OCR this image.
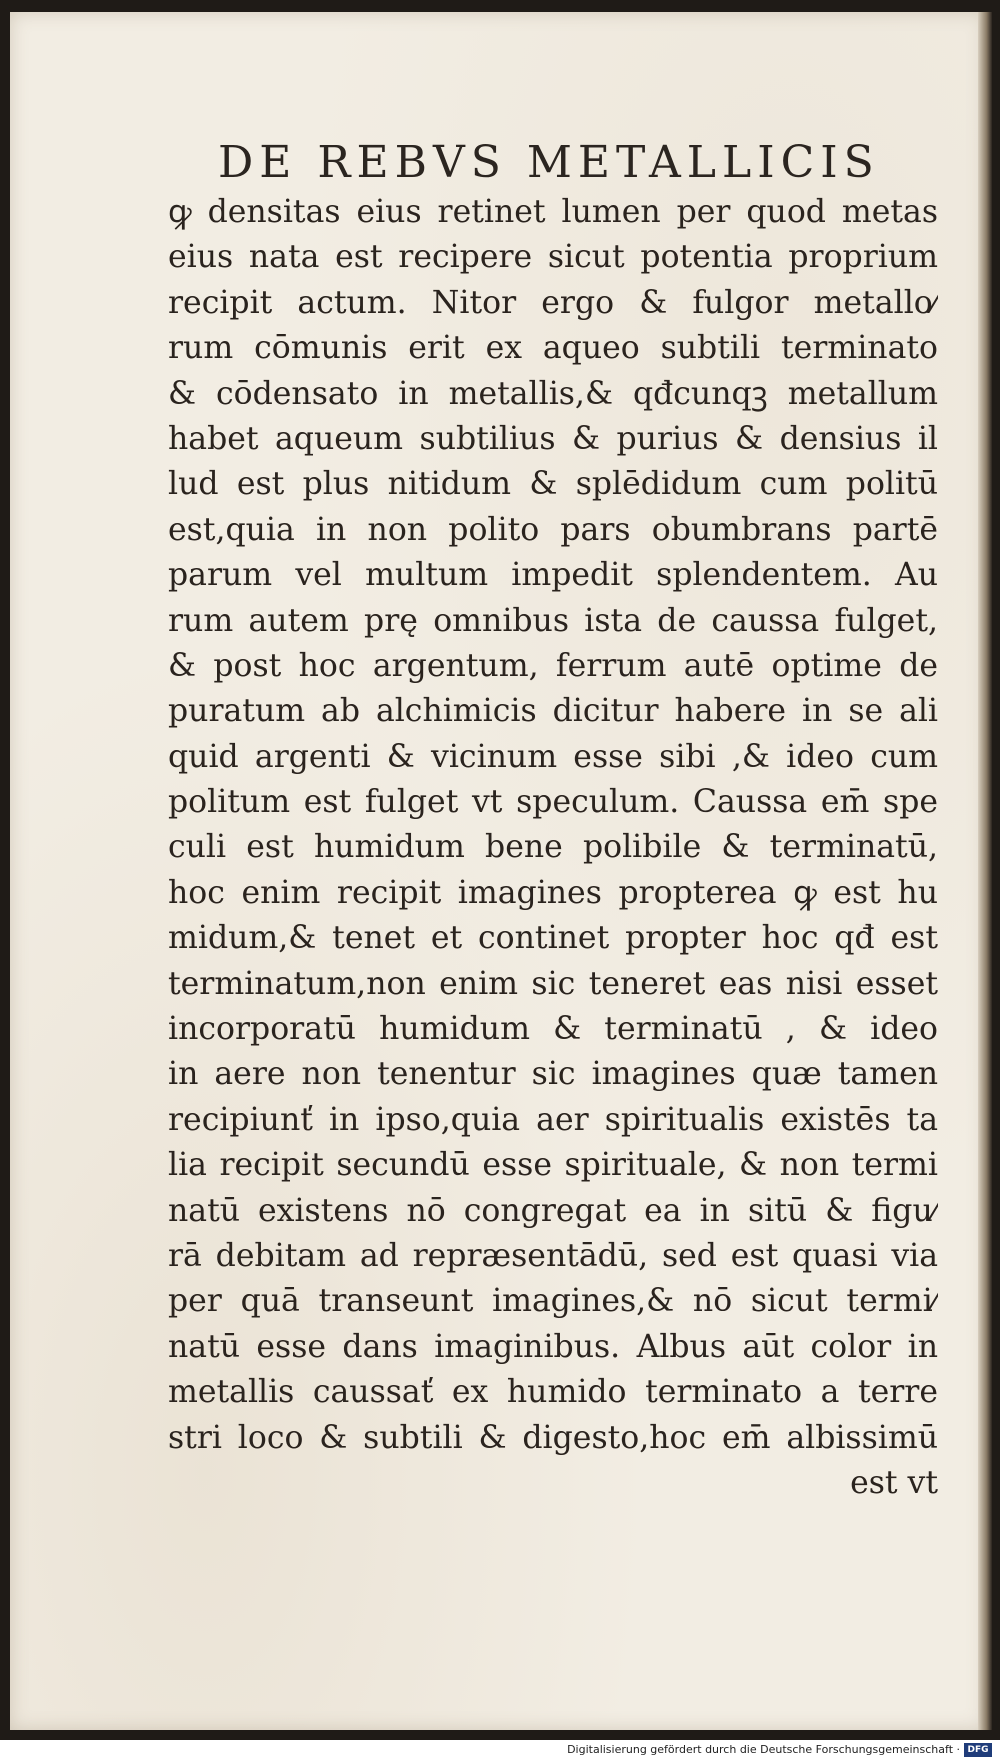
DE REBVS METALLICIS
ꝙ densitas eius retinet lumen per quod metas
eius nata est recipere sicut potentia proprium
recipit actum. Nitor ergo & fulgor metallo⁄
rum cōmunis erit ex aqueo subtili terminato
& cōdensato in metallis,& qđcunqꝫ metallum
habet aqueum subtilius & purius & densius il
lud est plus nitidum & splēdidum cum politū
est,quia in non polito pars obumbrans partē
parum vel multum impedit splendentem. Au
rum autem prę omnibus ista de caussa fulget,
& post hoc argentum, ferrum autē optime de
puratum ab alchimicis dicitur habere in se ali
quid argenti & vicinum esse sibi ,& ideo cum
politum est fulget vt speculum. Caussa em̄ spe
culi est humidum bene polibile & terminatū,
hoc enim recipit imagines propterea ꝙ est hu
midum,& tenet et continet propter hoc qđ est
terminatum,non enim sic teneret eas nisi esset
incorporatū humidum & terminatū , & ideo
in aere non tenentur sic imagines quæ tamen
recipiunť in ipso,quia aer spiritualis existēs ta
lia recipit secundū esse spirituale, & non termi
natū existens nō congregat ea in sitū & figu⁄
rā debitam ad repræsentādū, sed est quasi via
per quā transeunt imagines,& nō sicut termi⁄
natū esse dans imaginibus. Albus aūt color in
metallis caussať ex humido terminato a terre
stri loco & subtili & digesto,hoc em̄ albissimū
est vt
Digitalisierung gefördert durch die Deutsche Forschungsgemeinschaft · DFG
